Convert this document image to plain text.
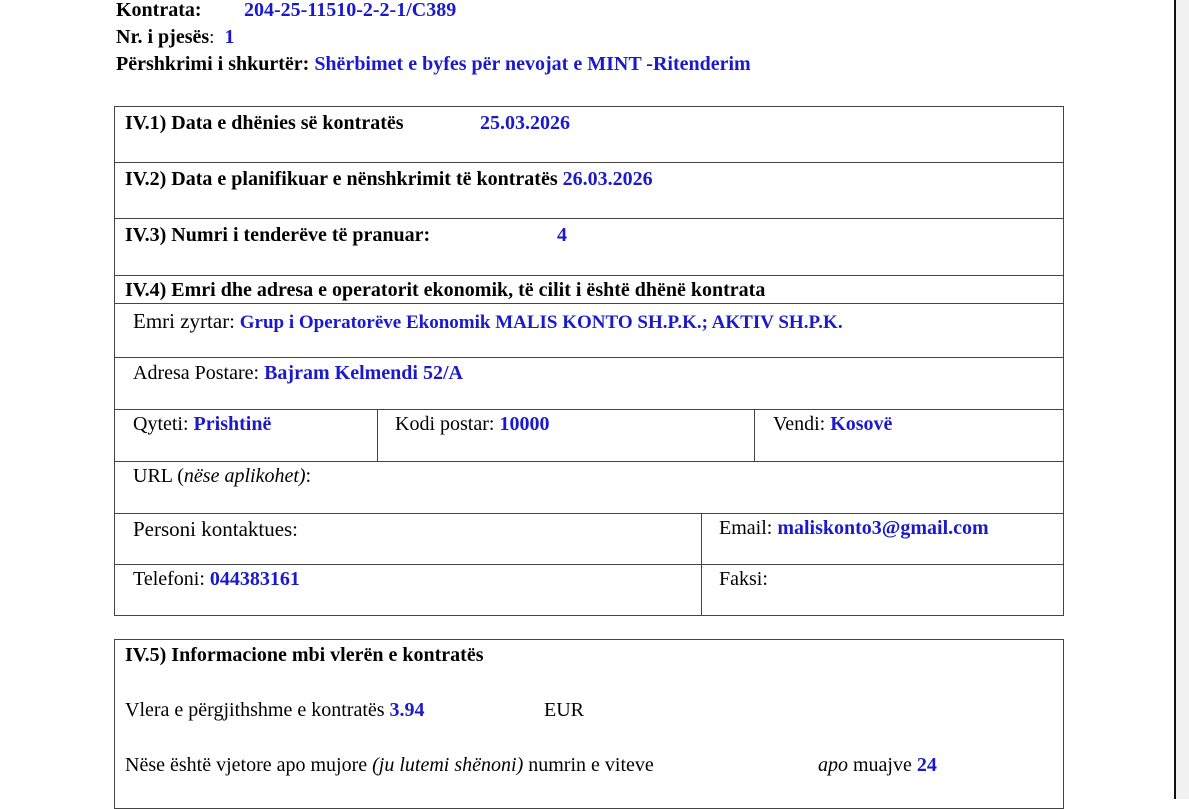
Kontrata: 204-25-11510-2-2-1/C389
Nr. i pjesës: 1
Përshkrimi i shkurtër: Shërbimet e byfes për nevojat e MINT -Ritenderim
IV.1) Data e dhënies së kontratës	25.03.2026
IV.2) Data e planifikuar e nënshkrimit të kontratës 26.03.2026
IV.3) Numri i tenderëve të pranuar:	4
IV.4) Emri dhe adresa e operatorit ekonomik, të cilit i është dhënë kontrata
Emri zyrtar: Grup i Operatorëve Ekonomik MALIS KONTO SH.P.K.; AKTIV SH.P.K.
Adresa Postare: Bajram Kelmendi 52/A
Qyteti: Prishtinë	Kodi postar: 10000	Vendi: Kosovë
URL (nëse aplikohet):
Personi kontaktues:	Email: maliskonto3@gmail.com
Telefoni: 044383161	Faksi:
IV.5) Informacione mbi vlerën e kontratës
Vlera e përgjithshme e kontratës 3.94	EUR
Nëse është vjetore apo mujore (ju lutemi shënoni) numrin e viteve	apo muajve 24
